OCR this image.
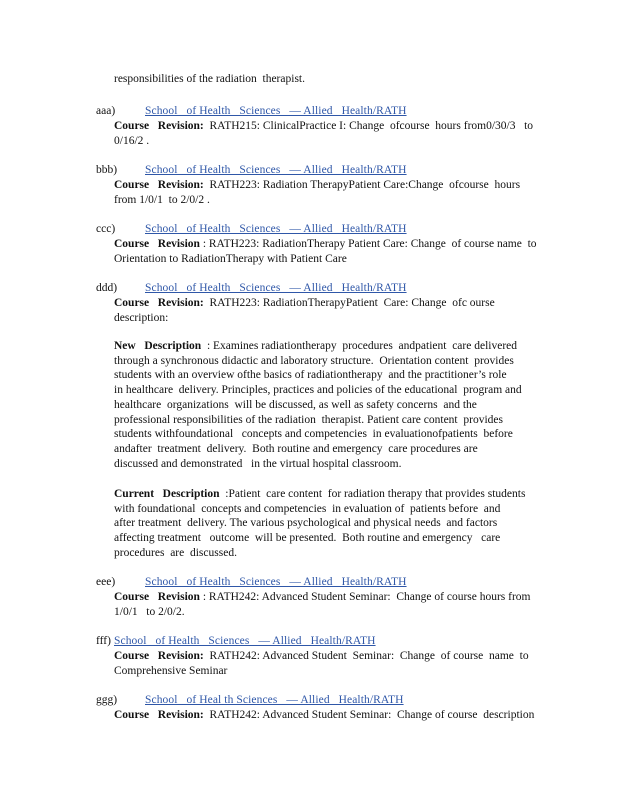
responsibilities of the radiation  therapist.
aaa)	School   of Health   Sciences   — Allied   Health/RATH
Course   Revision:  RATH215: ClinicalPractice I: Change  ofcourse  hours from0/30/3   to
0/16/2 .
bbb) School   of Health   Sciences   — Allied   Health/RATH
Course   Revision:  RATH223: Radiation TherapyPatient Care:Change  ofcourse  hours
from 1/0/1  to 2/0/2 .
ccc)	School   of Health   Sciences   — Allied   Health/RATH
Course   Revision : RATH223: RadiationTherapy Patient Care: Change  of course name  to
Orientation to RadiationTherapy with Patient Care
ddd) School   of Health   Sciences   — Allied   Health/RATH
Course   Revision:  RATH223: RadiationTherapyPatient  Care: Change  ofc ourse
description:
New   Description  : Examines radiationtherapy  procedures  andpatient  care delivered
through a synchronous didactic and laboratory structure.  Orientation content  provides
students with an overview ofthe basics of radiationtherapy  and the practitioner’s role
in healthcare  delivery. Principles, practices and policies of the educational  program and
healthcare  organizations  will be discussed, as well as safety concerns  and the
professional responsibilities of the radiation  therapist. Patient care content  provides
students withfoundational   concepts and competencies  in evaluationofpatients  before
andafter  treatment  delivery.  Both routine and emergency  care procedures are
discussed and demonstrated   in the virtual hospital classroom.
Current   Description  :Patient  care content  for radiation therapy that provides students
with foundational  concepts and competencies  in evaluation of  patients before  and
after treatment  delivery. The various psychological and physical needs  and factors
affecting treatment   outcome  will be presented.  Both routine and emergency   care
procedures  are  discussed.
eee)	School   of Health   Sciences   — Allied   Health/RATH
Course   Revision : RATH242: Advanced Student Seminar:  Change of course hours from
1/0/1   to 2/0/2.
fff) School   of Health   Sciences   — Allied   Health/RATH
Course   Revision:  RATH242: Advanced Student  Seminar:  Change  of course  name  to
Comprehensive Seminar
ggg) School   of Heal th Sciences   — Allied   Health/RATH
Course   Revision:  RATH242: Advanced Student Seminar:  Change of course  description
